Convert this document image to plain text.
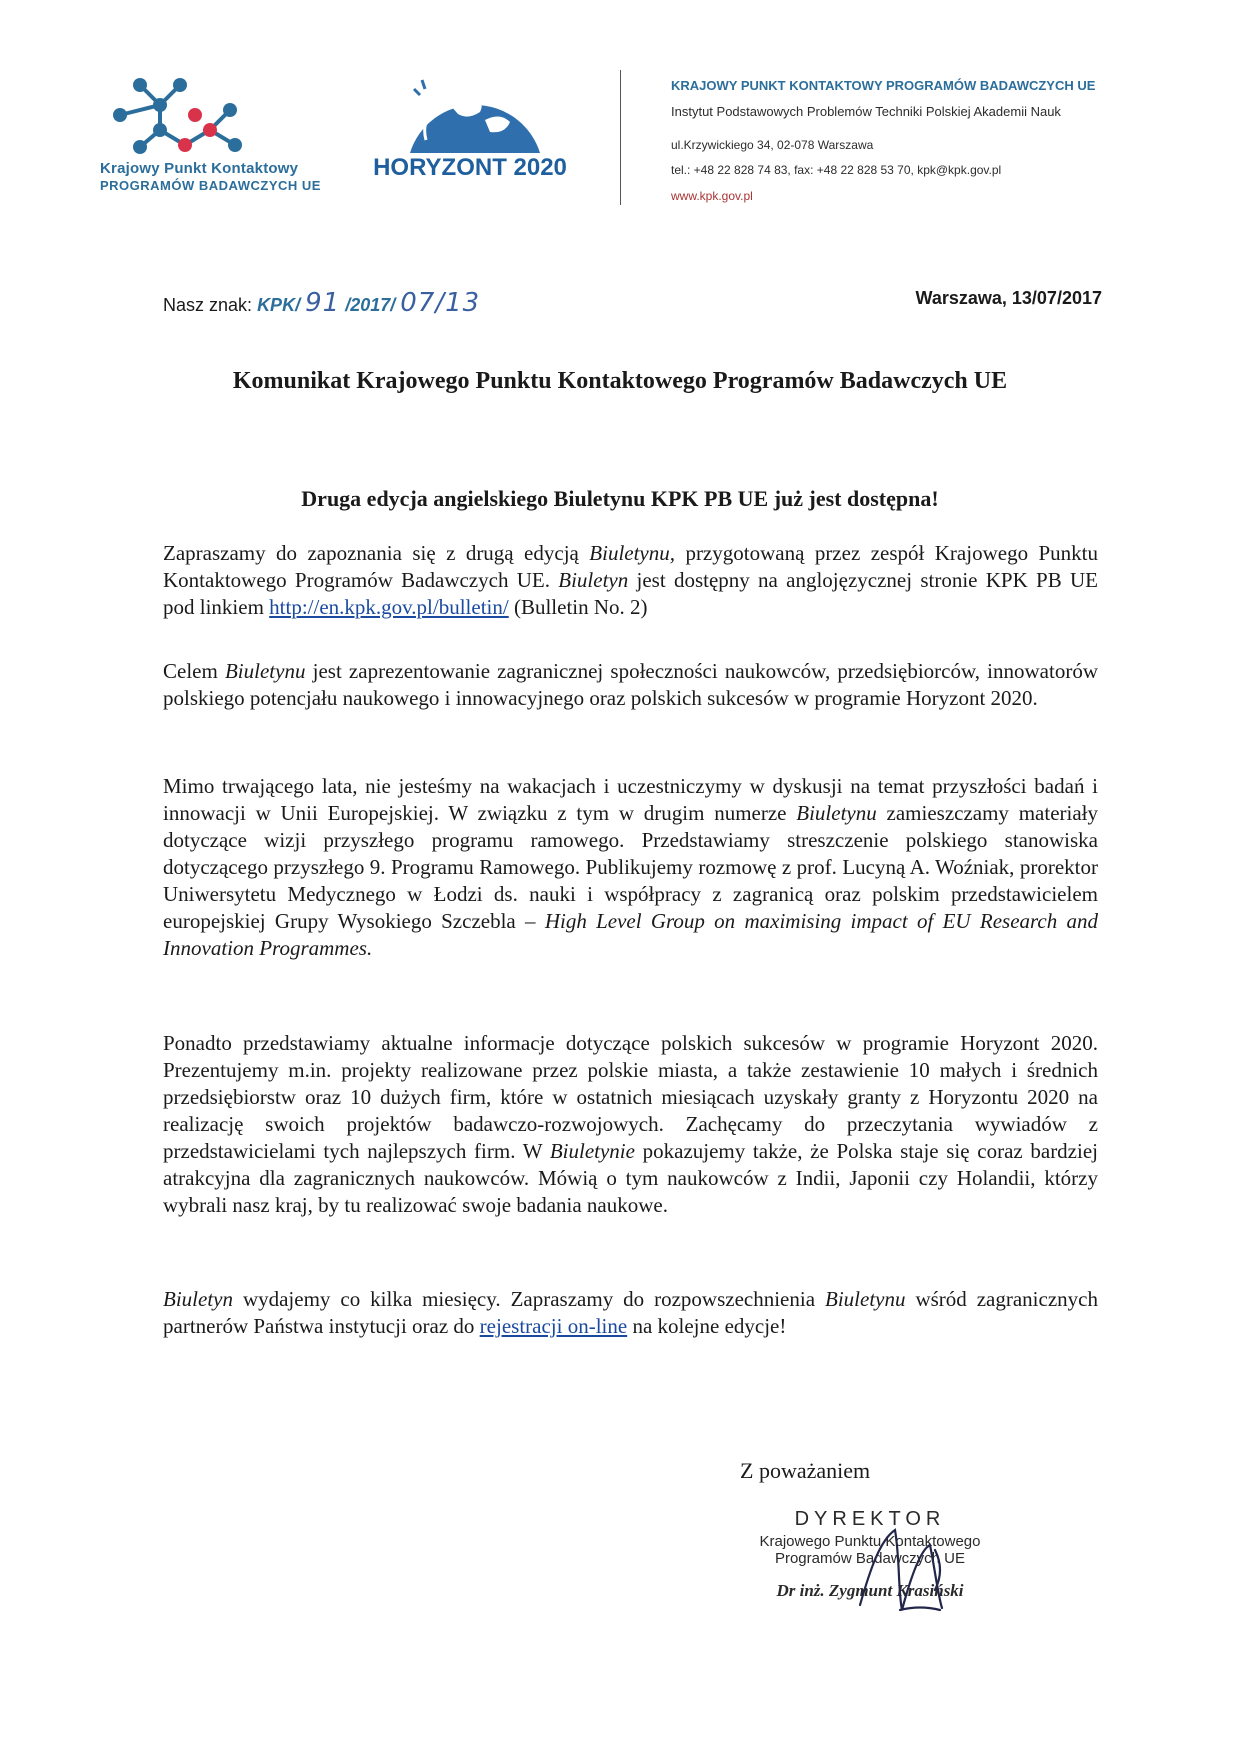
Krajowy Punkt Kontaktowy
PROGRAMÓW BADAWCZYCH UE
HORYZONT 2020
KRAJOWY PUNKT KONTAKTOWY PROGRAMÓW BADAWCZYCH UE
Instytut Podstawowych Problemów Techniki Polskiej Akademii Nauk
ul.Krzywickiego 34, 02-078 Warszawa
tel.: +48 22 828 74 83, fax: +48 22 828 53 70, kpk@kpk.gov.pl
www.kpk.gov.pl
Nasz znak: KPK/ 91 /2017/ 07/13	Warszawa, 13/07/2017
Komunikat Krajowego Punktu Kontaktowego Programów Badawczych UE
Druga edycja angielskiego Biuletynu KPK PB UE już jest dostępna!
Zapraszamy do zapoznania się z drugą edycją Biuletynu, przygotowaną przez zespół Krajowego Punktu Kontaktowego Programów Badawczych UE. Biuletyn jest dostępny na anglojęzycznej stronie KPK PB UE pod linkiem http://en.kpk.gov.pl/bulletin/ (Bulletin No. 2)
Celem Biuletynu jest zaprezentowanie zagranicznej społeczności naukowców, przedsiębiorców, innowatorów polskiego potencjału naukowego i innowacyjnego oraz polskich sukcesów w programie Horyzont 2020.
Mimo trwającego lata, nie jesteśmy na wakacjach i uczestniczymy w dyskusji na temat przyszłości badań i innowacji w Unii Europejskiej. W związku z tym w drugim numerze Biuletynu zamieszczamy materiały dotyczące wizji przyszłego programu ramowego. Przedstawiamy streszczenie polskiego stanowiska dotyczącego przyszłego 9. Programu Ramowego. Publikujemy rozmowę z prof. Lucyną A. Woźniak, prorektor Uniwersytetu Medycznego w Łodzi ds. nauki i współpracy z zagranicą oraz polskim przedstawicielem europejskiej Grupy Wysokiego Szczebla – High Level Group on maximising impact of EU Research and Innovation Programmes.
Ponadto przedstawiamy aktualne informacje dotyczące polskich sukcesów w programie Horyzont 2020. Prezentujemy m.in. projekty realizowane przez polskie miasta, a także zestawienie 10 małych i średnich przedsiębiorstw oraz 10 dużych firm, które w ostatnich miesiącach uzyskały granty z Horyzontu 2020 na realizację swoich projektów badawczo-rozwojowych. Zachęcamy do przeczytania wywiadów z przedstawicielami tych najlepszych firm. W Biuletynie pokazujemy także, że Polska staje się coraz bardziej atrakcyjna dla zagranicznych naukowców. Mówią o tym naukowców z Indii, Japonii czy Holandii, którzy wybrali nasz kraj, by tu realizować swoje badania naukowe.
Biuletyn wydajemy co kilka miesięcy. Zapraszamy do rozpowszechnienia Biuletynu wśród zagranicznych partnerów Państwa instytucji oraz do rejestracji on-line na kolejne edycje!
Z poważaniem
DYREKTOR
Krajowego Punktu Kontaktowego
Programów Badawczych UE
Dr inż. Zygmunt Krasiński
